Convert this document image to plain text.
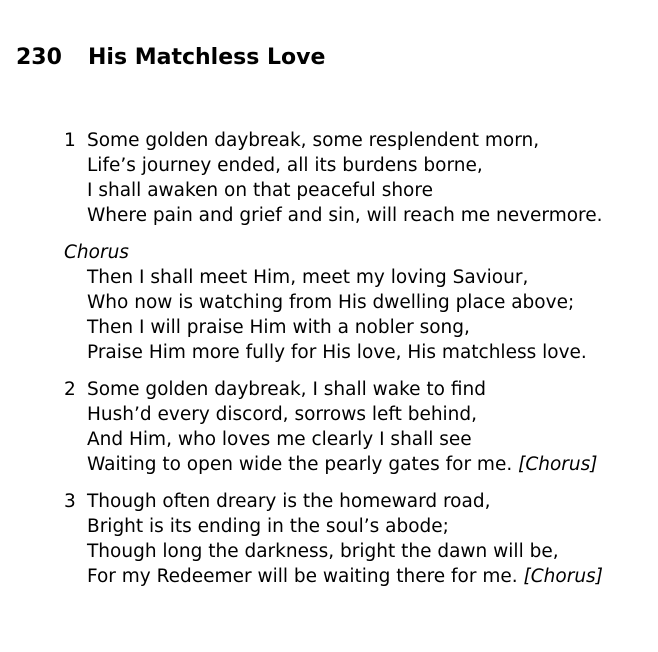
230 His Matchless Love
1 Some golden daybreak, some resplendent morn,
Life’s journey ended, all its burdens borne,
I shall awaken on that peaceful shore
Where pain and grief and sin, will reach me nevermore.
Chorus
Then I shall meet Him, meet my loving Saviour,
Who now is watching from His dwelling place above;
Then I will praise Him with a nobler song,
Praise Him more fully for His love, His matchless love.
2 Some golden daybreak, I shall wake to find
Hush’d every discord, sorrows left behind,
And Him, who loves me clearly I shall see
Waiting to open wide the pearly gates for me. [Chorus]
3 Though often dreary is the homeward road,
Bright is its ending in the soul’s abode;
Though long the darkness, bright the dawn will be,
For my Redeemer will be waiting there for me. [Chorus]
